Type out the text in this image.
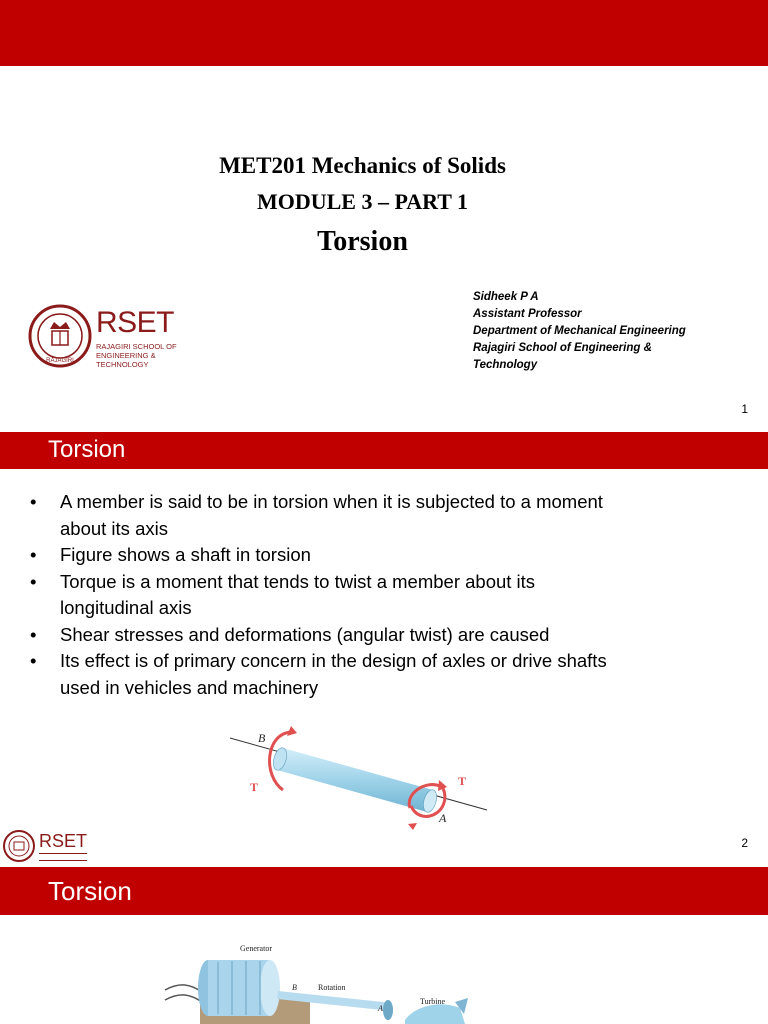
MET201 Mechanics of Solids
MODULE 3 – PART 1
Torsion
RAJAGIRI
RSET
RAJAGIRI SCHOOL OF
ENGINEERING & TECHNOLOGY
Sidheek P A
Assistant Professor
Department of Mechanical Engineering
Rajagiri School of Engineering &
Technology
1
Torsion
• A member is said to be in torsion when it is subjected to a moment
about its axis
• Figure shows a shaft in torsion
• Torque is a moment that tends to twist a member about its
longitudinal axis
• Shear stresses and deformations (angular twist) are caused
• Its effect is of primary concern in the design of axles or drive shafts
used in vehicles and machinery
B
A
T	T
RSET	2
Torsion
Generator
Rotation
Turbine
B
A
